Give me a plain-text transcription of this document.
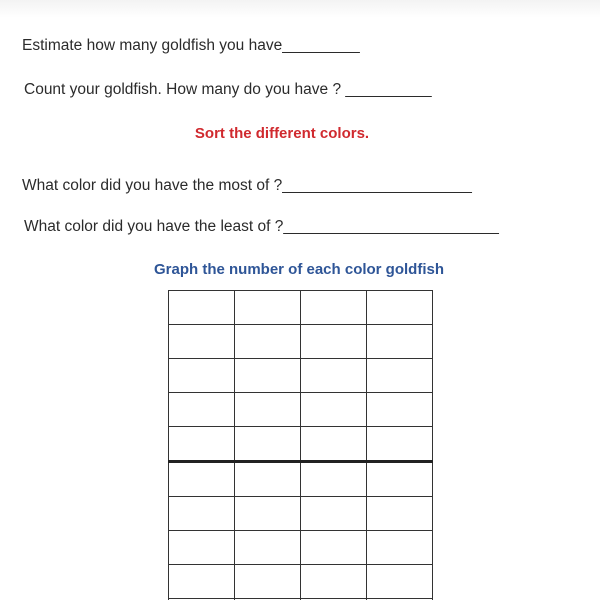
Estimate how many goldfish you have_________
Count your goldfish. How many do you have ? __________
Sort the different colors.
What color did you have the most of ?______________________
What color did you have the least of ?_________________________
Graph the number of each color goldfish
